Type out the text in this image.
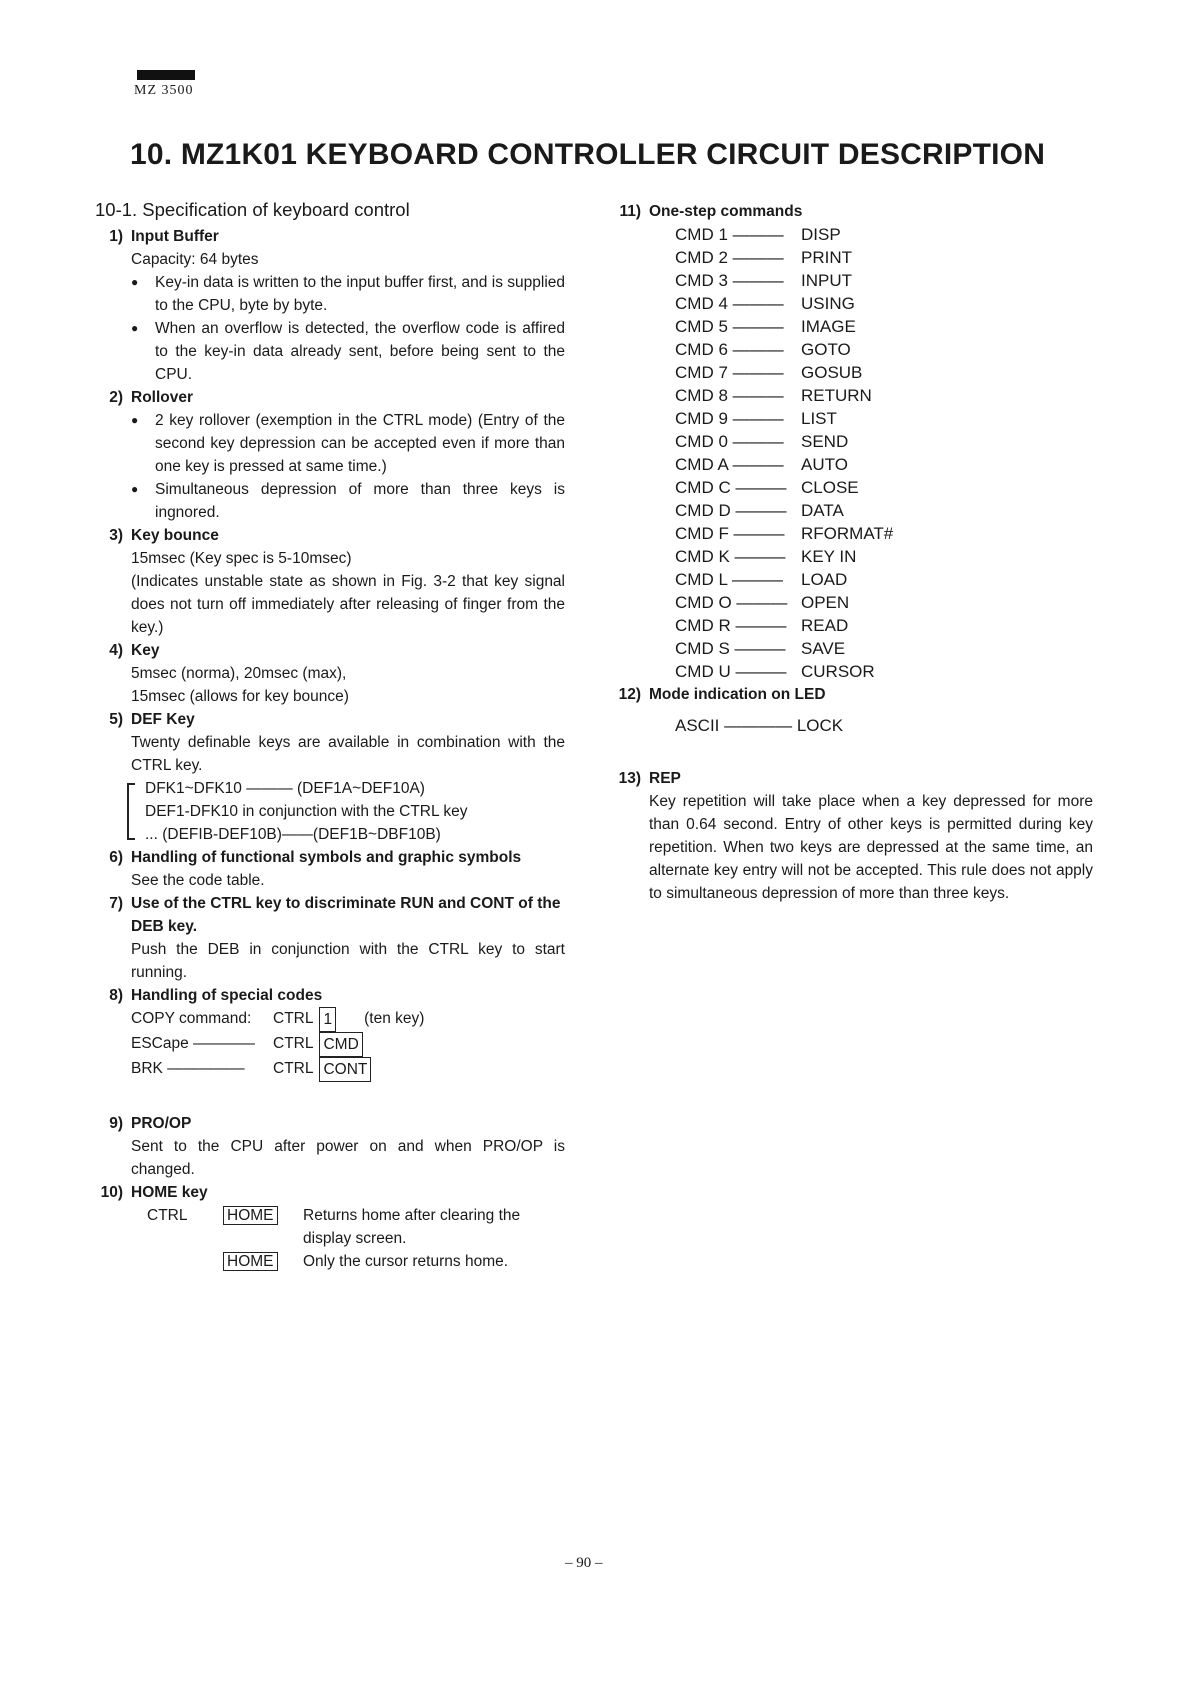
MZ 3500
10. MZ1K01 KEYBOARD CONTROLLER CIRCUIT DESCRIPTION
10-1. Specification of keyboard control
1) Input Buffer
Capacity: 64 bytes
●	Key-in data is written to the input buffer first, and is supplied to the CPU, byte by byte.
●	When an overflow is detected, the overflow code is affired to the key-in data already sent, before being sent to the CPU.
2) Rollover
●	2 key rollover (exemption in the CTRL mode) (Entry of the second key depression can be accepted even if more than one key is pressed at same time.)
●	Simultaneous depression of more than three keys is ingnored.
3) Key bounce
15msec (Key spec is 5-10msec)
(Indicates unstable state as shown in Fig. 3-2 that key signal does not turn off immediately after releasing of finger from the key.)
4) Key
5msec (norma), 20msec (max),
15msec (allows for key bounce)
5) DEF Key
Twenty definable keys are available in combination with the CTRL key.
DFK1~DFK10 ——— (DEF1A~DEF10A)
DEF1-DFK10 in conjunction with the CTRL key
... (DEFIB-DEF10B)——(DEF1B~DBF10B)
6) Handling of functional symbols and graphic symbols
See the code table.
7) Use of the CTRL key to discriminate RUN and CONT of the DEB key.
Push the DEB in conjunction with the CTRL key to start running.
8) Handling of special codes
COPY command:	CTRL 1 (ten key)
ESCape ————	CTRL CMD
BRK —————	CTRL CONT
9) PRO/OP
Sent to the CPU after power on and when PRO/OP is changed.
10) HOME key
CTRL	HOME	Returns home after clearing the display screen.
HOME	Only the cursor returns home.
11) One-step commands
CMD 1 ———	DISP
CMD 2 ———	PRINT
CMD 3 ———	INPUT
CMD 4 ———	USING
CMD 5 ———	IMAGE
CMD 6 ———	GOTO
CMD 7 ———	GOSUB
CMD 8 ———	RETURN
CMD 9 ———	LIST
CMD 0 ———	SEND
CMD A ———	AUTO
CMD C ——— CLOSE
CMD D ——— DATA
CMD F ——— RFORMAT#
CMD K ——— KEY IN
CMD L ———	LOAD
CMD O ——— OPEN
CMD R ——— READ
CMD S ——— SAVE
CMD U ——— CURSOR
12) Mode indication on LED
ASCII ———— LOCK
13) REP
Key repetition will take place when a key depressed for more than 0.64 second. Entry of other keys is permitted during key repetition. When two keys are depressed at the same time, an alternate key entry will not be accepted. This rule does not apply to simultaneous depression of more than three keys.
– 90 –
